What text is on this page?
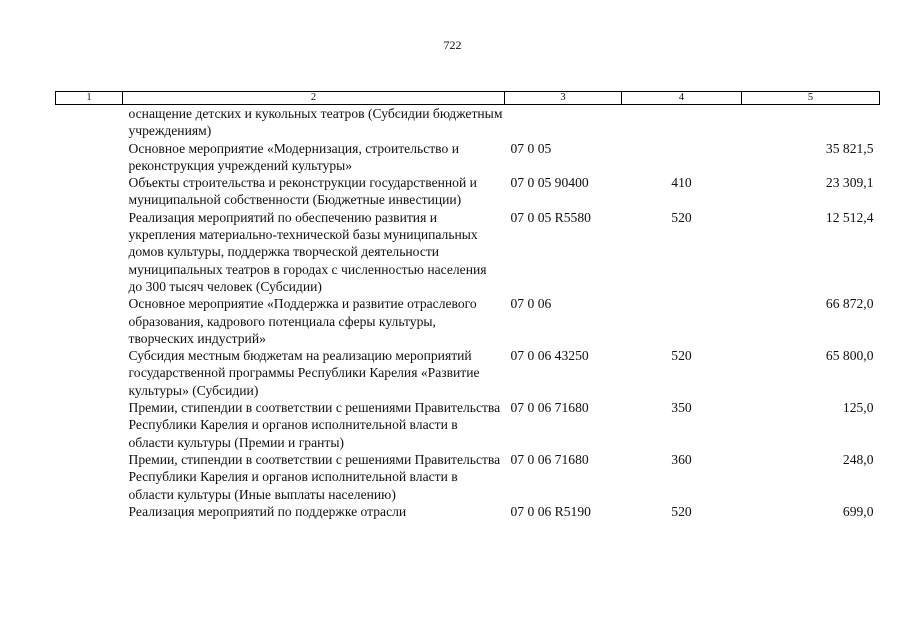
722
1	2	3	4	5
	оснащение детских и кукольных театров (Субсидии бюджетным учреждениям)			
	Основное мероприятие «Модернизация, строительство и реконструкция учреждений культуры»	07 0 05		35 821,5
	Объекты строительства и реконструкции государственной и муниципальной собственности (Бюджетные инвестиции)	07 0 05 90400	410	23 309,1
	Реализация мероприятий по обеспечению развития и укрепления материально-технической базы муниципальных домов культуры, поддержка творческой деятельности муниципальных театров в городах с численностью населения до 300 тысяч человек (Субсидии)	07 0 05 R5580	520	12 512,4
	Основное мероприятие «Поддержка и развитие отраслевого образования, кадрового потенциала сферы культуры, творческих индустрий»	07 0 06		66 872,0
	Субсидия местным бюджетам на реализацию мероприятий государственной программы Республики Карелия «Развитие культуры» (Субсидии)	07 0 06 43250	520	65 800,0
	Премии, стипендии в соответствии с решениями Правительства Республики Карелия и органов исполнительной власти в области культуры (Премии и гранты)	07 0 06 71680	350	125,0
	Премии, стипендии в соответствии с решениями Правительства Республики Карелия и органов исполнительной власти в области культуры (Иные выплаты населению)	07 0 06 71680	360	248,0
	Реализация мероприятий по поддержке отрасли	07 0 06 R5190	520	699,0
